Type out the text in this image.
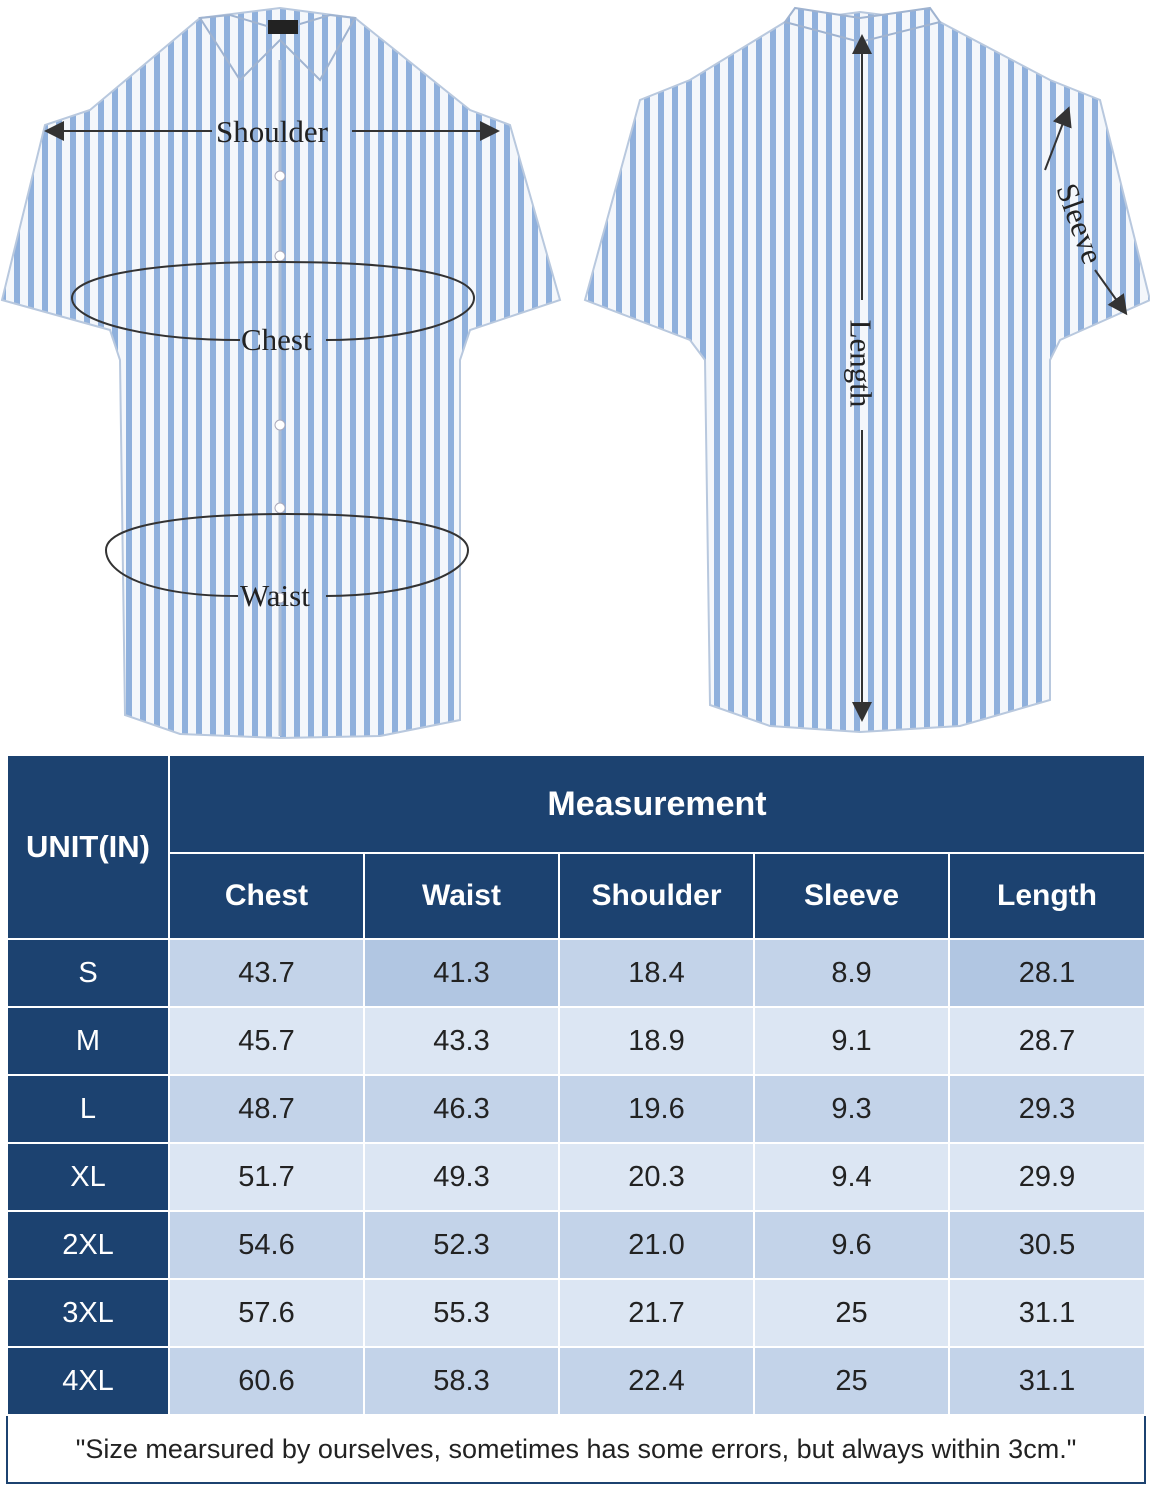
Shoulder
Chest
Waist
Length
Sleeve
UNIT(IN)	Measurement				
	Chest	Waist	Shoulder	Sleeve	Length
S	43.7	41.3	18.4	8.9	28.1
M	45.7	43.3	18.9	9.1	28.7
L	48.7	46.3	19.6	9.3	29.3
XL	51.7	49.3	20.3	9.4	29.9
2XL	54.6	52.3	21.0	9.6	30.5
3XL	57.6	55.3	21.7	25	31.1
4XL	60.6	58.3	22.4	25	31.1
"Size mearsured by ourselves, sometimes has some errors, but always within 3cm."					
